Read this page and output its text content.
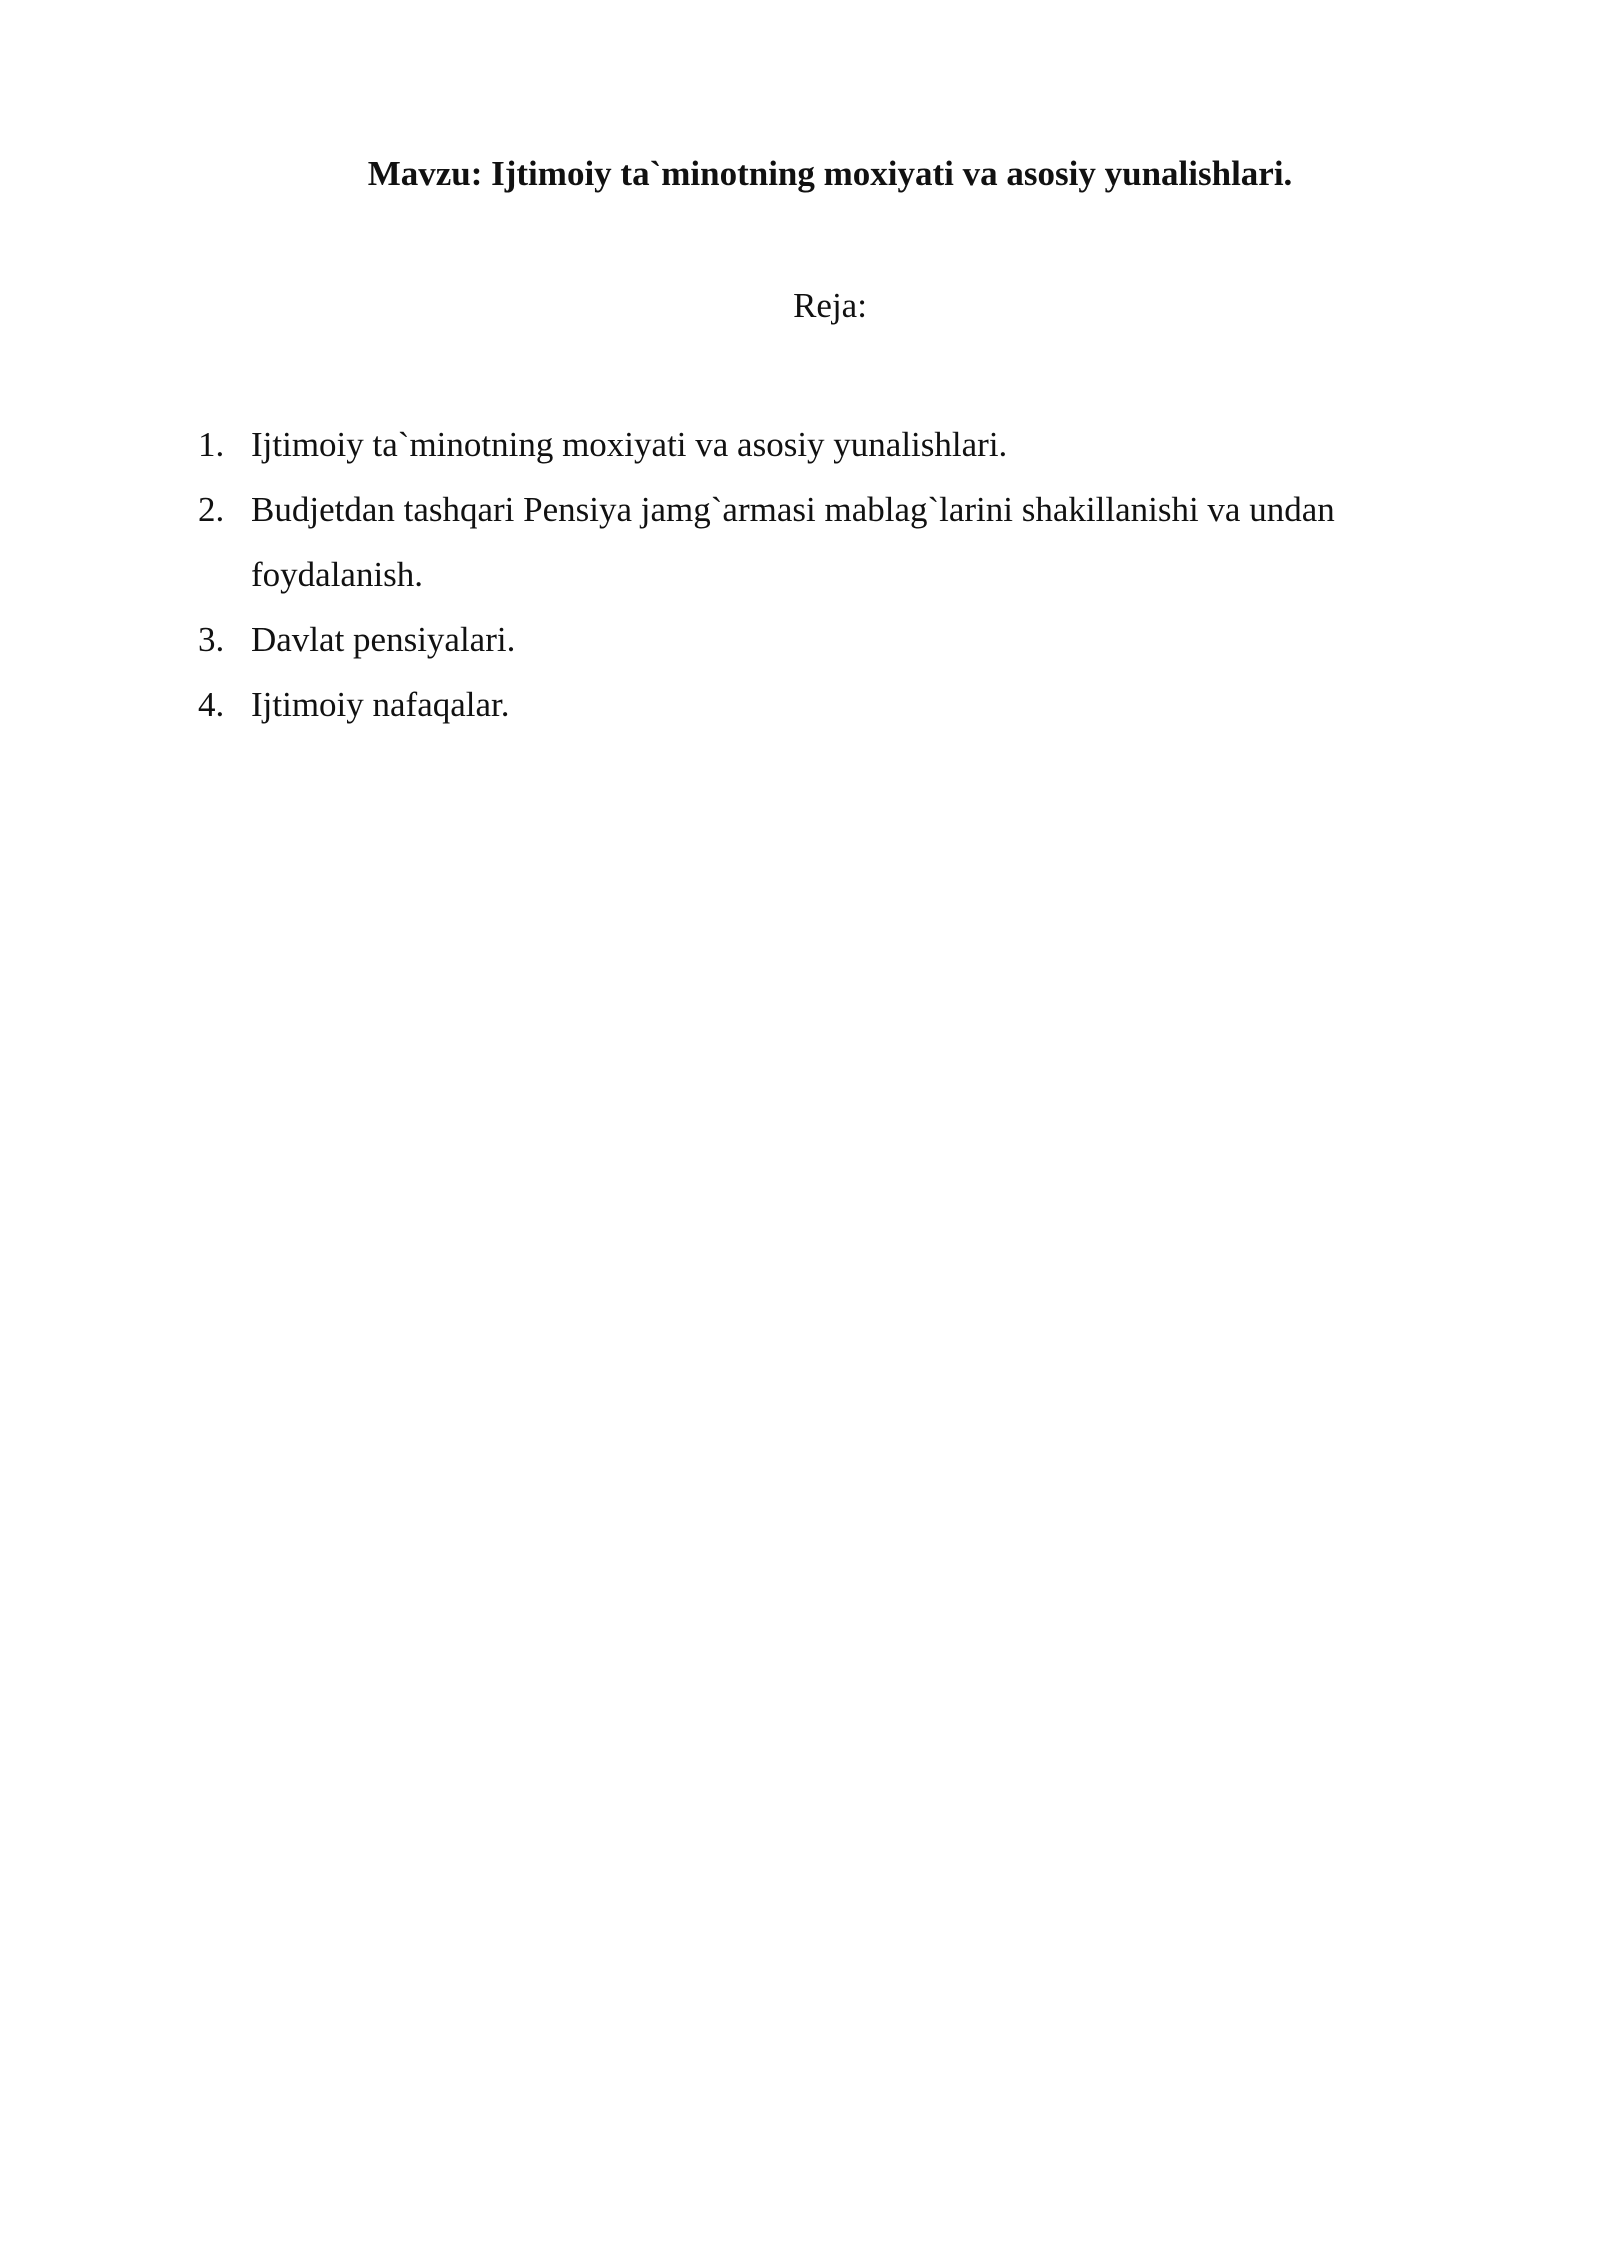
Mavzu: Ijtimoiy ta`minotning moxiyati va asosiy yunalishlari.
Reja:
1. Ijtimoiy ta`minotning moxiyati va asosiy yunalishlari.
2. Budjetdan tashqari Pensiya jamg`armasi mablag`larini shakillanishi va undan foydalanish.
3. Davlat pensiyalari.
4. Ijtimoiy nafaqalar.
